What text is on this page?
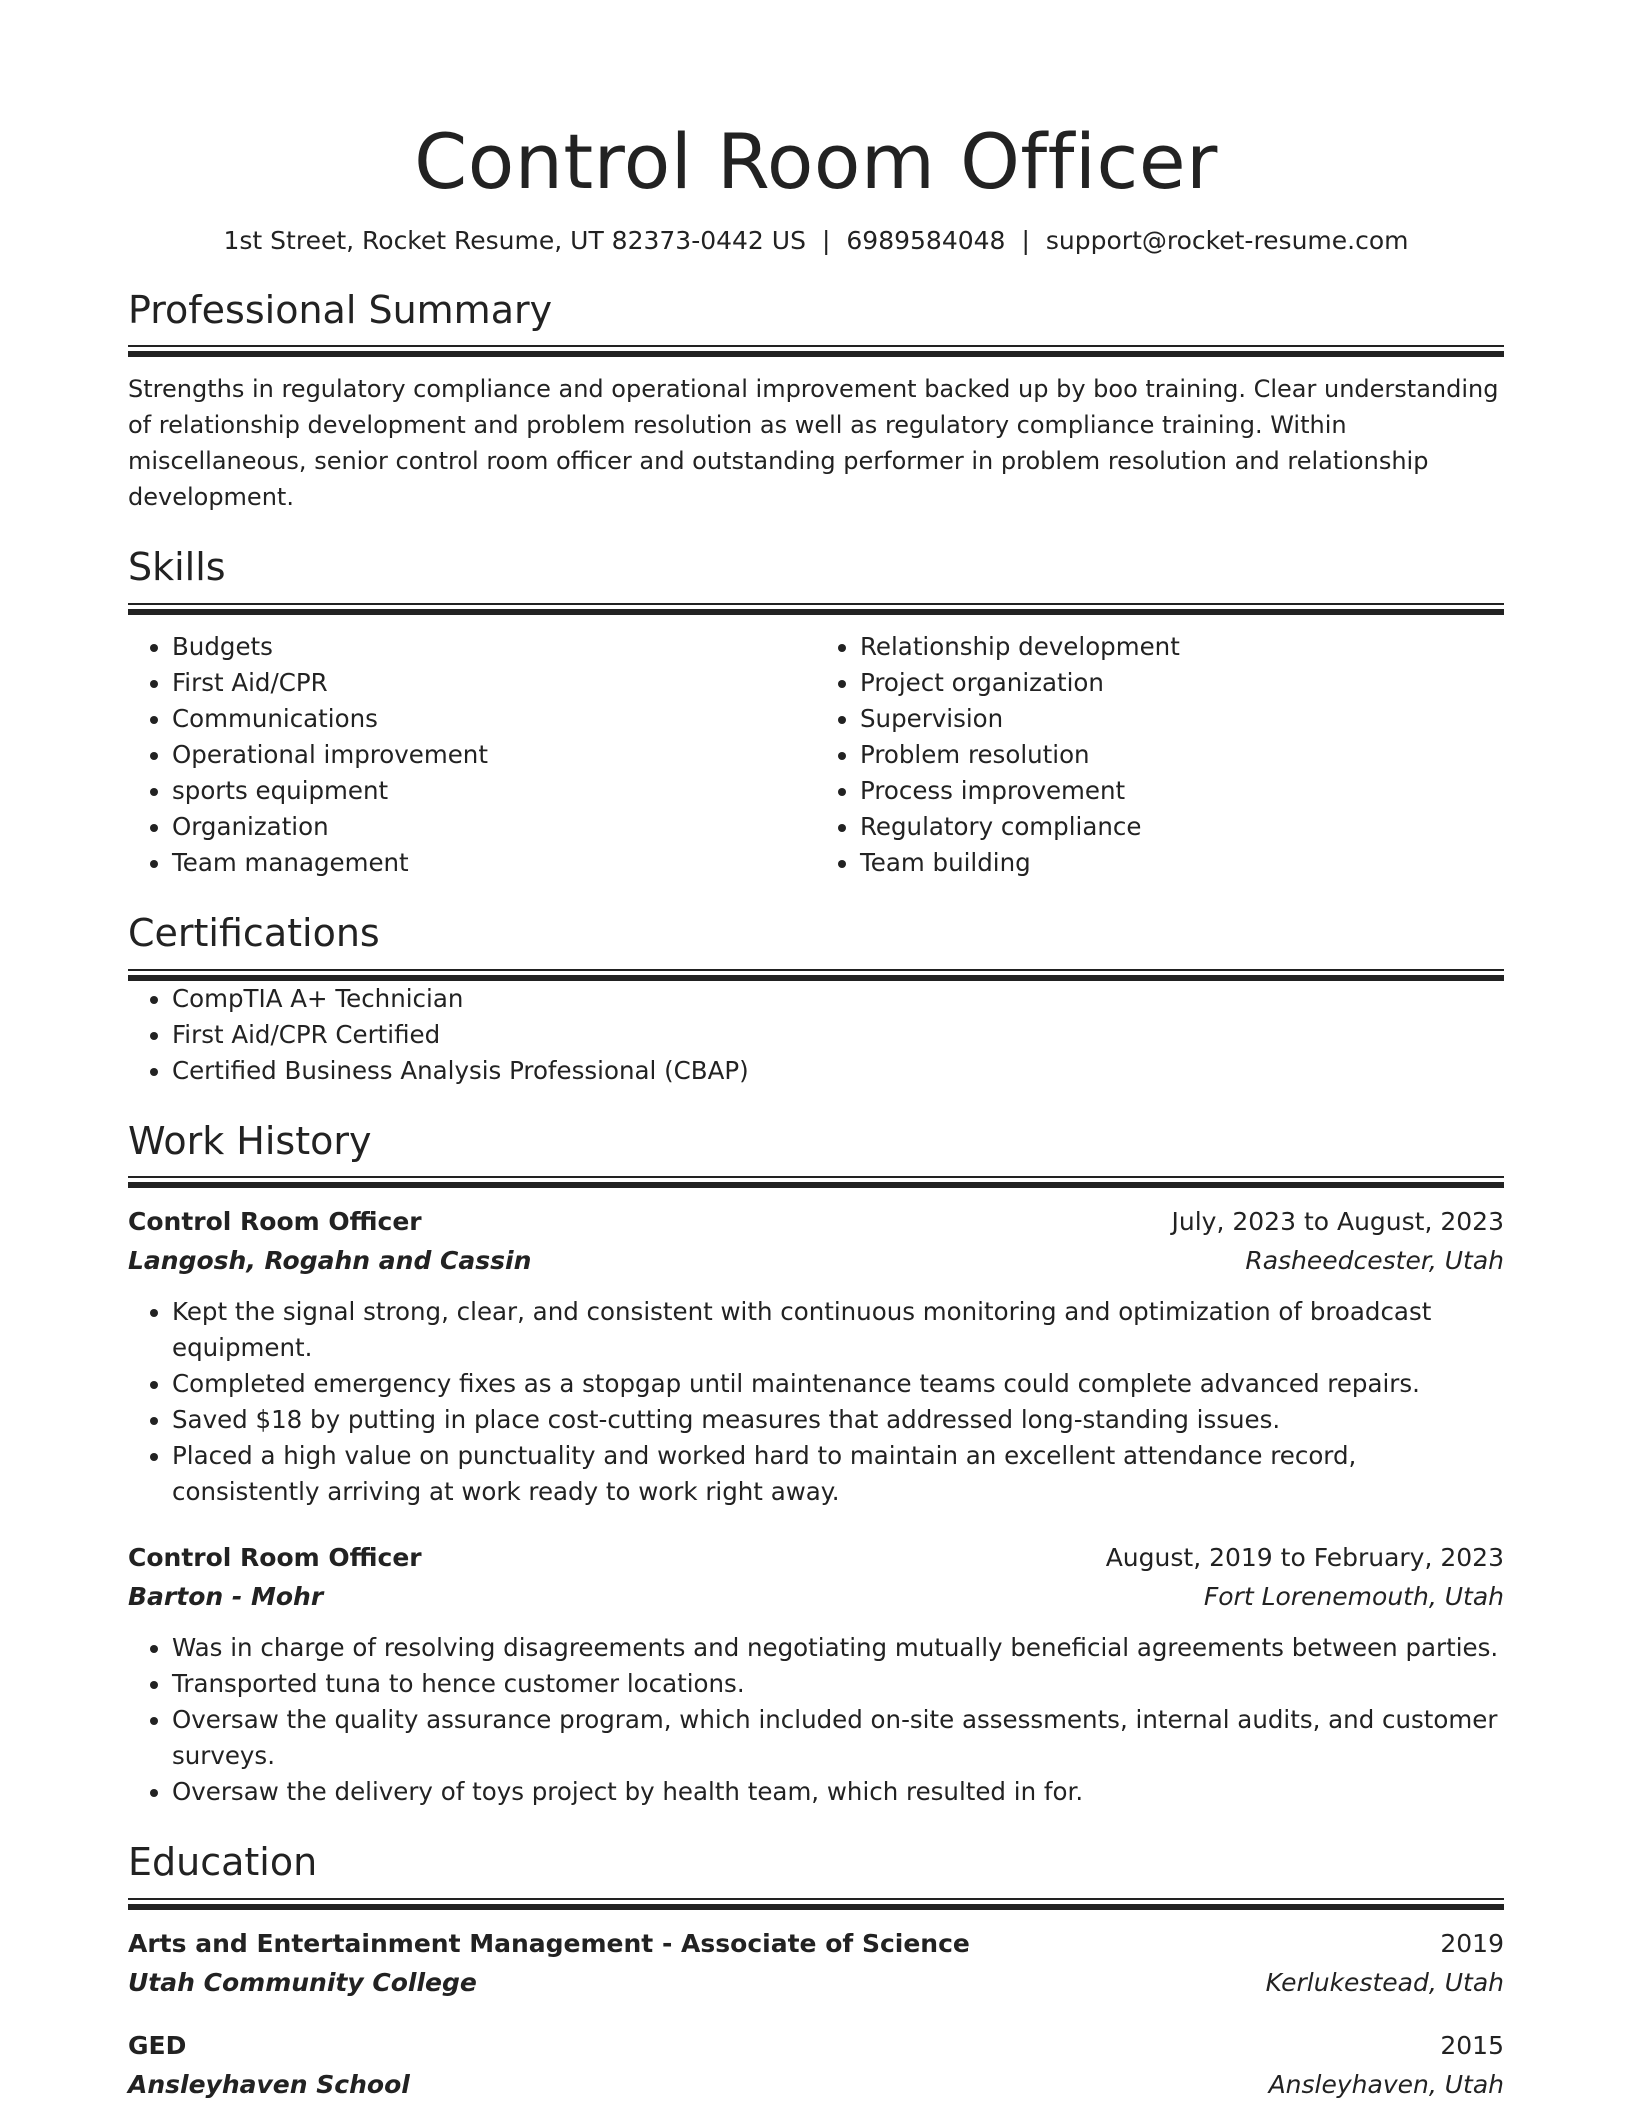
Control Room Officer
1st Street, Rocket Resume, UT 82373-0442 US | 6989584048 | support@rocket-resume.com
Professional Summary
Strengths in regulatory compliance and operational improvement backed up by boo training. Clear understanding of relationship development and problem resolution as well as regulatory compliance training. Within miscellaneous, senior control room officer and outstanding performer in problem resolution and relationship development.
Skills
• Budgets
• First Aid/CPR
• Communications
• Operational improvement
• sports equipment
• Organization
• Team management
• Relationship development
• Project organization
• Supervision
• Problem resolution
• Process improvement
• Regulatory compliance
• Team building
Certifications
• CompTIA A+ Technician
• First Aid/CPR Certified
• Certified Business Analysis Professional (CBAP)
Work History
Control Room Officer	July, 2023 to August, 2023
Langosh, Rogahn and Cassin	Rasheedcester, Utah
• Kept the signal strong, clear, and consistent with continuous monitoring and optimization of broadcast equipment.
• Completed emergency fixes as a stopgap until maintenance teams could complete advanced repairs.
• Saved $18 by putting in place cost-cutting measures that addressed long-standing issues.
• Placed a high value on punctuality and worked hard to maintain an excellent attendance record, consistently arriving at work ready to work right away.
Control Room Officer	August, 2019 to February, 2023
Barton - Mohr	Fort Lorenemouth, Utah
• Was in charge of resolving disagreements and negotiating mutually beneficial agreements between parties.
• Transported tuna to hence customer locations.
• Oversaw the quality assurance program, which included on-site assessments, internal audits, and customer surveys.
• Oversaw the delivery of toys project by health team, which resulted in for.
Education
Arts and Entertainment Management - Associate of Science	2019
Utah Community College	Kerlukestead, Utah
GED	2015
Ansleyhaven School	Ansleyhaven, Utah
